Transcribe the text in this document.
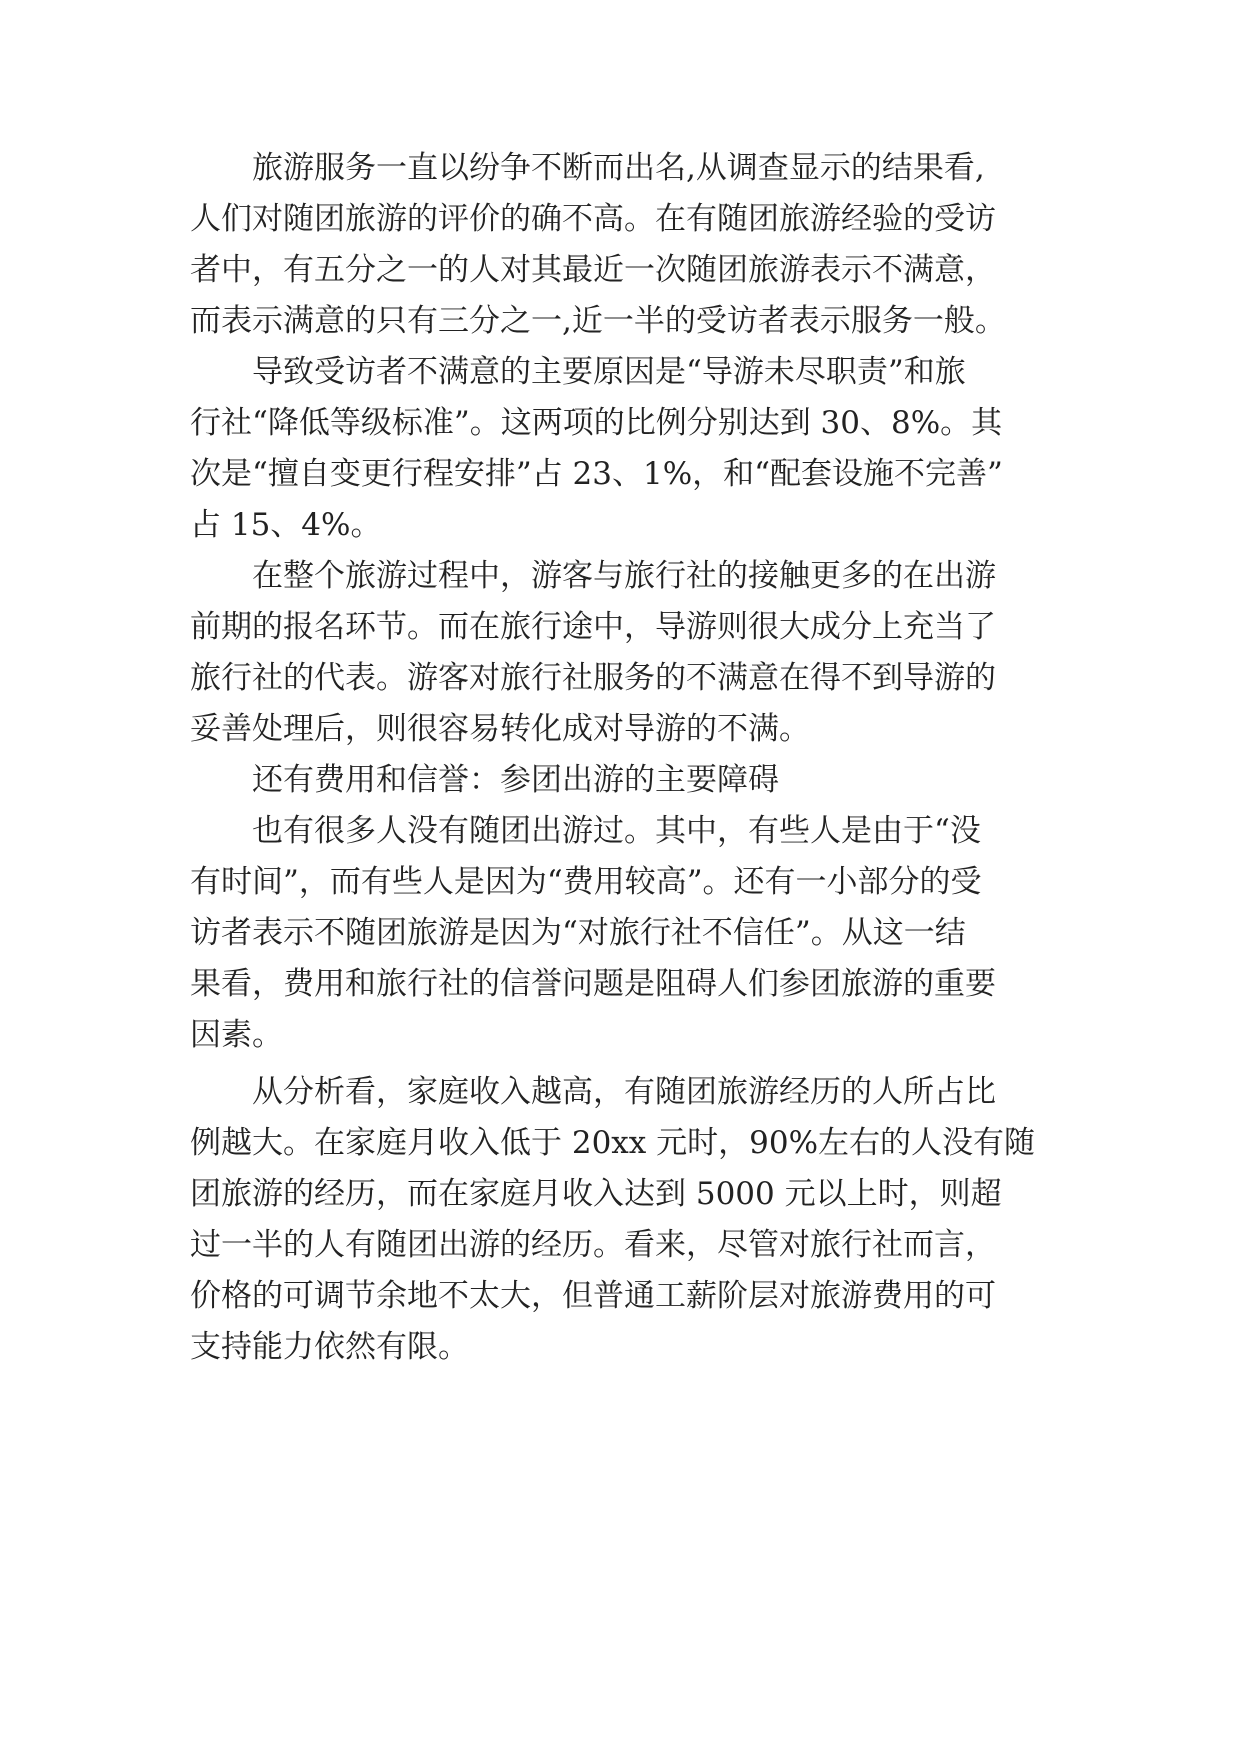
旅游服务一直以纷争不断而出名,从调查显示的结果看,
人们对随团旅游的评价的确不高。在有随团旅游经验的受访
者中，有五分之一的人对其最近一次随团旅游表示不满意，
而表示满意的只有三分之一,近一半的受访者表示服务一般。
导致受访者不满意的主要原因是“导游未尽职责”和旅
行社“降低等级标准”。这两项的比例分别达到 30、8%。其
次是“擅自变更行程安排”占 23、1%，和“配套设施不完善”
占 15、4%。
在整个旅游过程中，游客与旅行社的接触更多的在出游
前期的报名环节。而在旅行途中，导游则很大成分上充当了
旅行社的代表。游客对旅行社服务的不满意在得不到导游的
妥善处理后，则很容易转化成对导游的不满。
还有费用和信誉：参团出游的主要障碍
也有很多人没有随团出游过。其中，有些人是由于“没
有时间”，而有些人是因为“费用较高”。还有一小部分的受
访者表示不随团旅游是因为“对旅行社不信任”。从这一结
果看，费用和旅行社的信誉问题是阻碍人们参团旅游的重要
因素。
从分析看，家庭收入越高，有随团旅游经历的人所占比
例越大。在家庭月收入低于 20xx 元时，90%左右的人没有随
团旅游的经历，而在家庭月收入达到 5000 元以上时，则超
过一半的人有随团出游的经历。看来，尽管对旅行社而言，
价格的可调节余地不太大，但普通工薪阶层对旅游费用的可
支持能力依然有限。
